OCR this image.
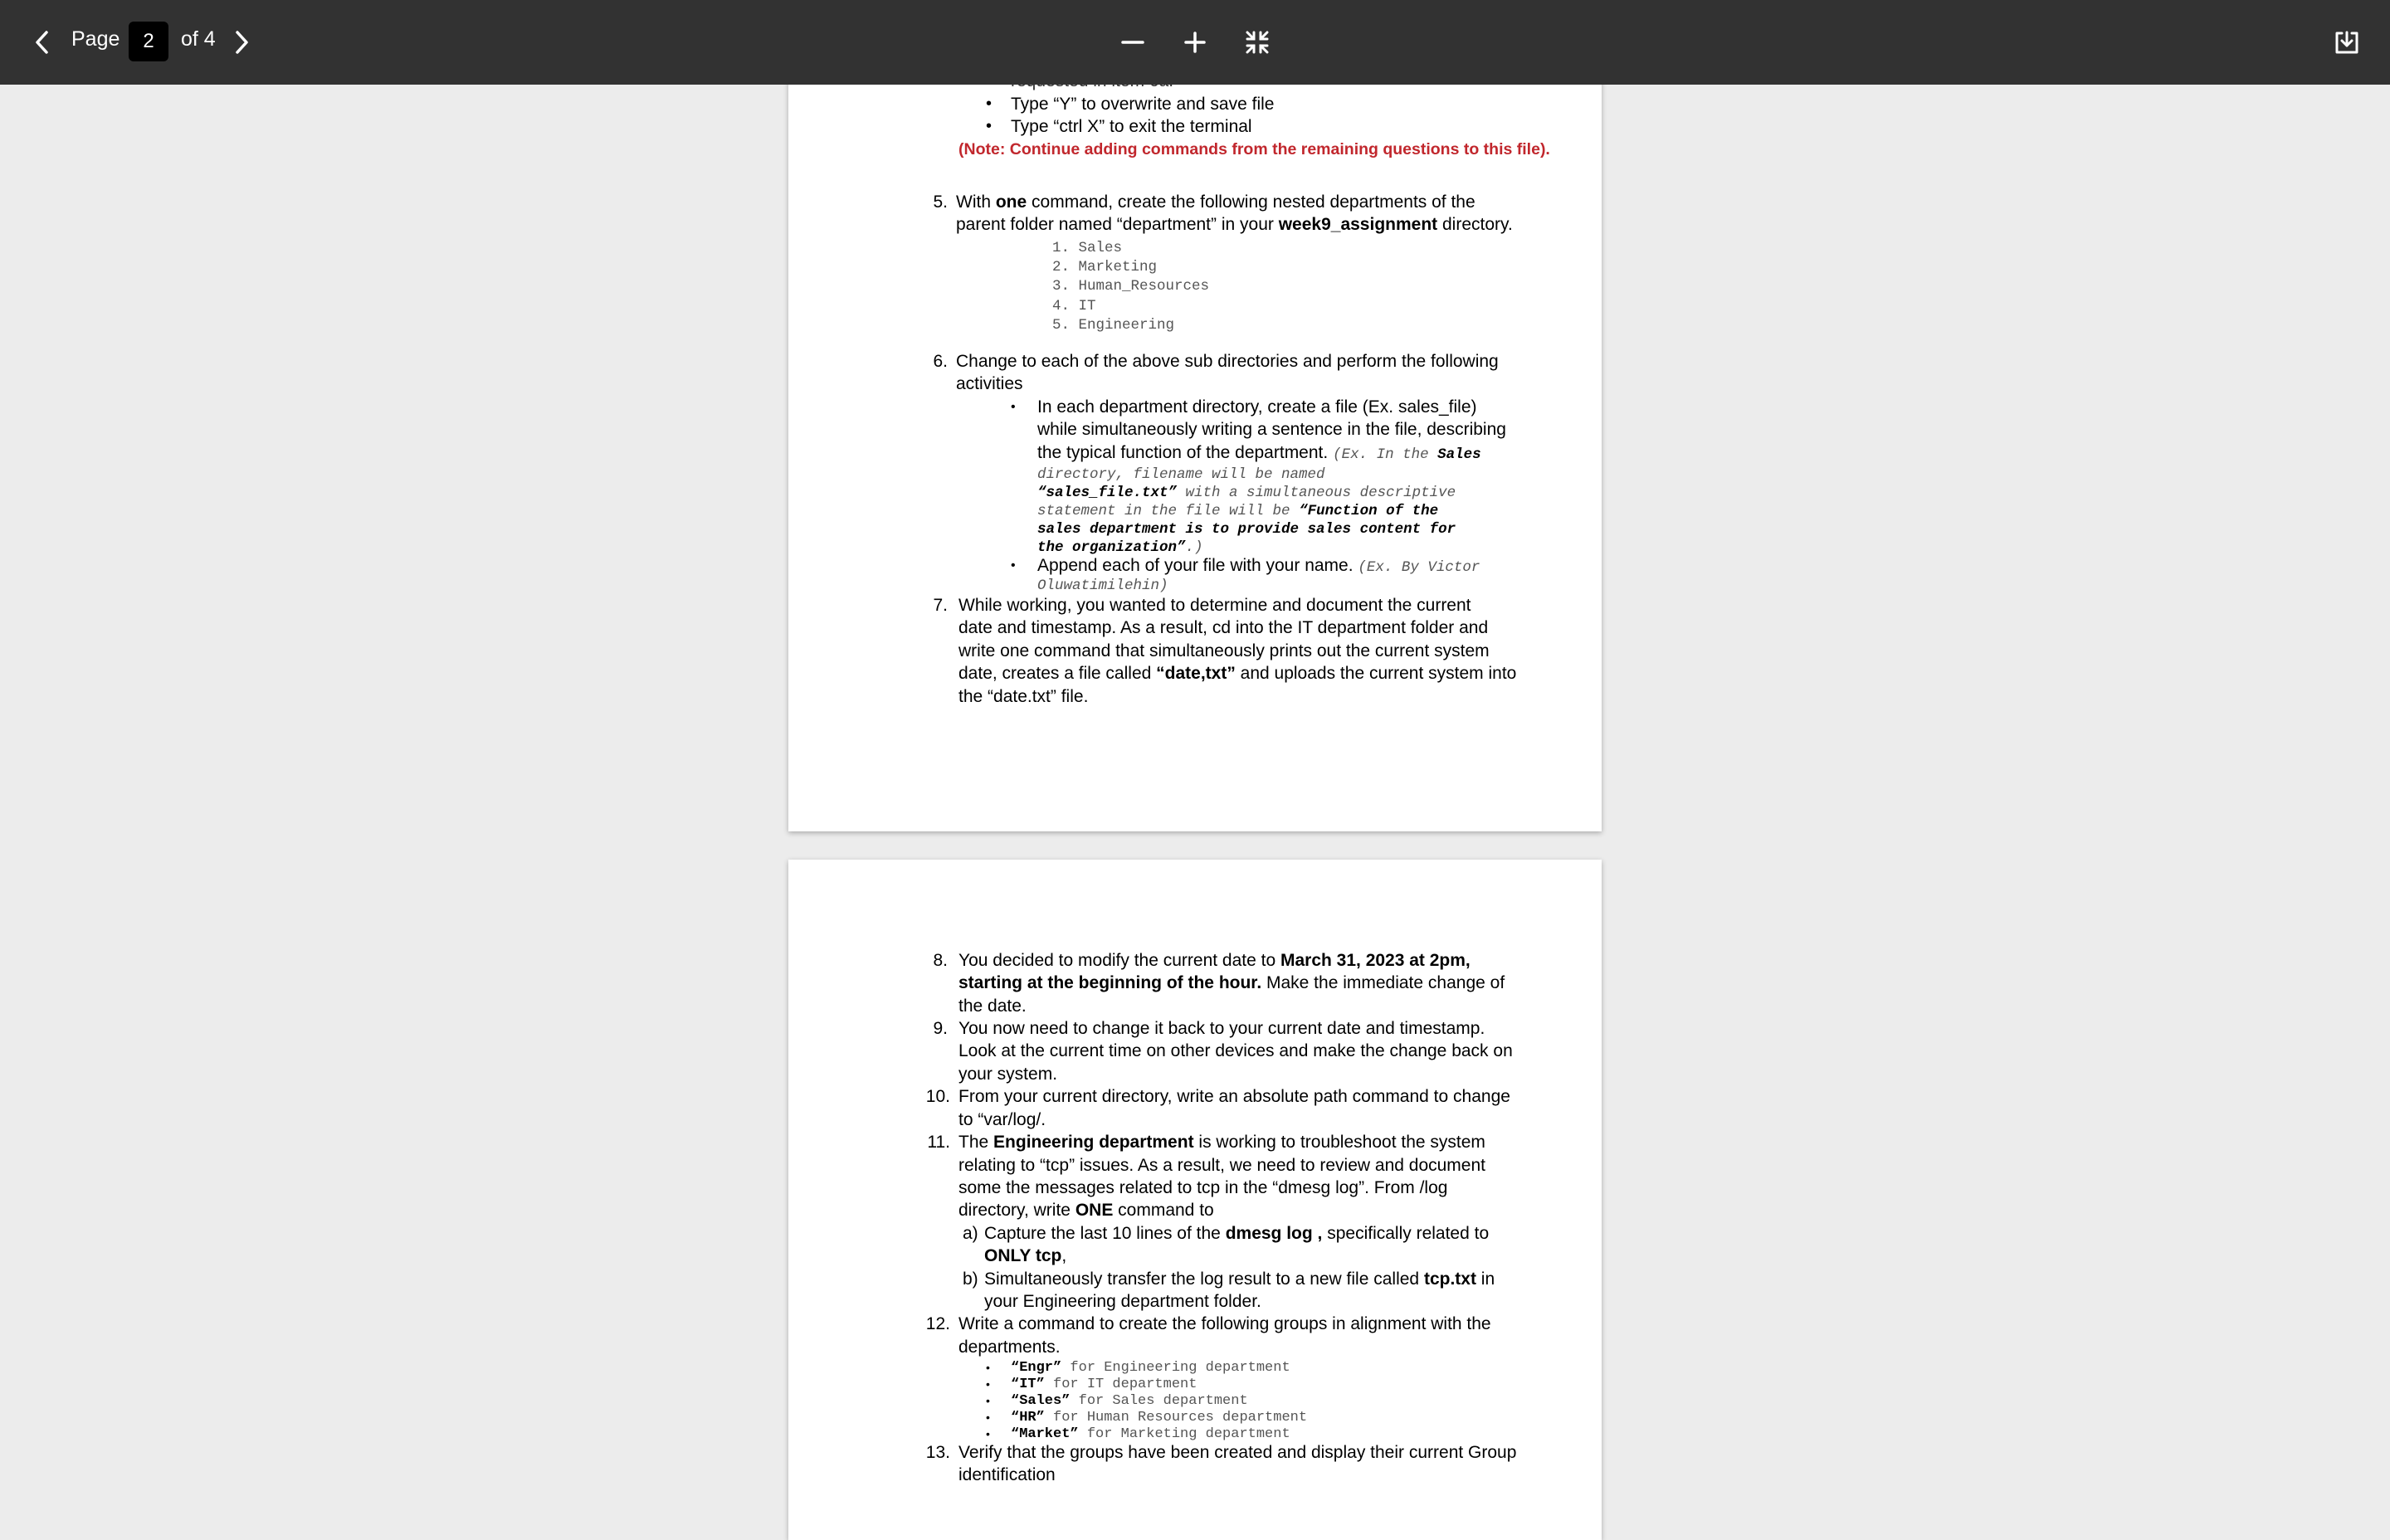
Page
2	of 4
• Type “Y” to overwrite and save file
• Type “ctrl X” to exit the terminal
(Note: Continue adding commands from the remaining questions to this file).
5. With one command, create the following nested departments of the
parent folder named “department” in your week9_assignment directory.
1. Sales
2. Marketing
3. Human_Resources
4. IT
5. Engineering
6. Change to each of the above sub directories and perform the following
activities
• In each department directory, create a file (Ex. sales_file)
while simultaneously writing a sentence in the file, describing
the typical function of the department. (Ex. In the Sales
directory, filename will be named
“sales_file.txt” with a simultaneous descriptive
statement in the file will be “Function of the
sales department is to provide sales content for
the organization”.)
• Append each of your file with your name. (Ex. By Victor
Oluwatimilehin)
7. While working, you wanted to determine and document the current
date and timestamp. As a result, cd into the IT department folder and
write one command that simultaneously prints out the current system
date, creates a file called “date,txt” and uploads the current system into
the “date.txt” file.
8. You decided to modify the current date to March 31, 2023 at 2pm,
starting at the beginning of the hour. Make the immediate change of
the date.
9. You now need to change it back to your current date and timestamp.
Look at the current time on other devices and make the change back on
your system.
10. From your current directory, write an absolute path command to change
to “var/log/.
11. The Engineering department is working to troubleshoot the system
relating to “tcp” issues. As a result, we need to review and document
some the messages related to tcp in the “dmesg log”. From /log
directory, write ONE command to
a) Capture the last 10 lines of the dmesg log , specifically related to
ONLY tcp,
b) Simultaneously transfer the log result to a new file called tcp.txt in
your Engineering department folder.
12. Write a command to create the following groups in alignment with the
departments.
• “Engr” for Engineering department
• “IT” for IT department
• “Sales” for Sales department
• “HR” for Human Resources department
• “Market” for Marketing department
13. Verify that the groups have been created and display their current Group
identification
